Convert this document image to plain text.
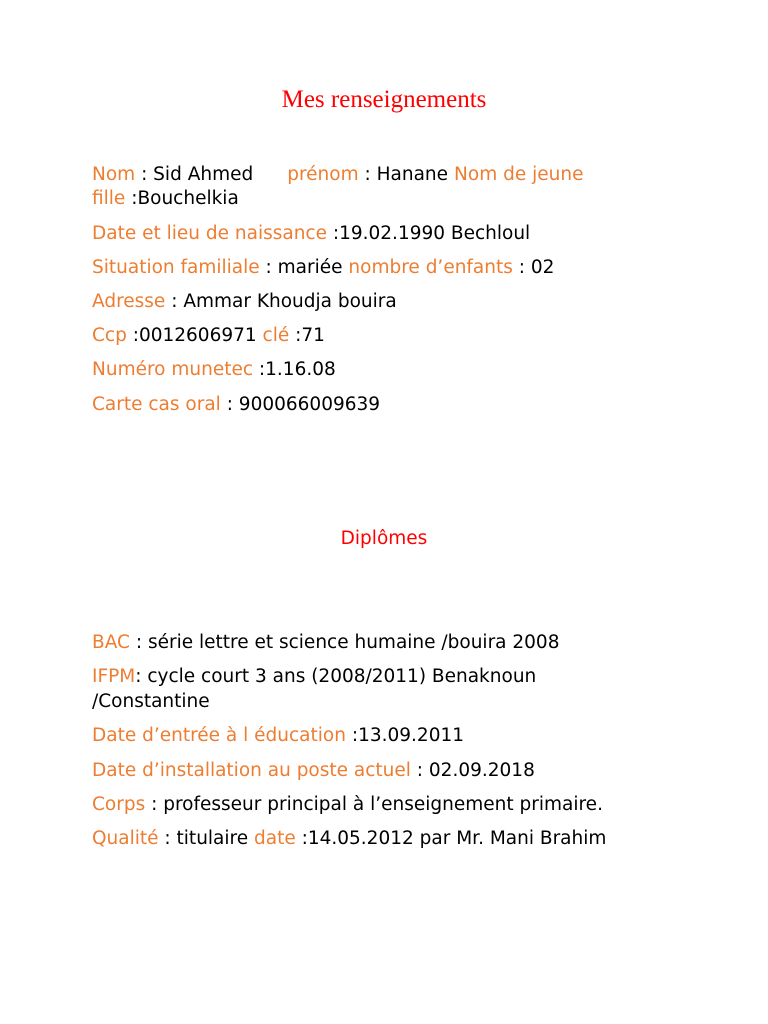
Mes renseignements
Nom : Sid Ahmed prénom : Hanane Nom de jeune
fille :Bouchelkia
Date et lieu de naissance :19.02.1990 Bechloul
Situation familiale : mariée nombre d’enfants : 02
Adresse : Ammar Khoudja bouira
Ccp :0012606971 clé :71
Numéro munetec :1.16.08
Carte cas oral : 900066009639
Diplômes
BAC : série lettre et science humaine /bouira 2008
IFPM: cycle court 3 ans (2008/2011) Benaknoun
/Constantine
Date d’entrée à l éducation :13.09.2011
Date d’installation au poste actuel : 02.09.2018
Corps : professeur principal à l’enseignement primaire.
Qualité : titulaire date :14.05.2012 par Mr. Mani Brahim
